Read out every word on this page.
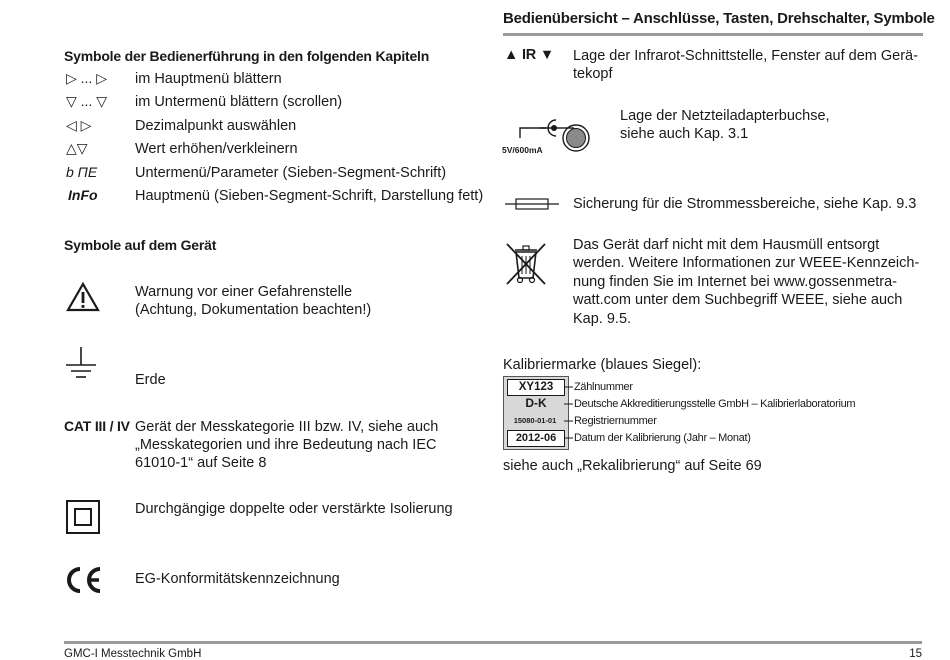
Bedienübersicht – Anschlüsse, Tasten, Drehschalter, Symbole
Symbole der Bedienerführung in den folgenden Kapiteln
▷ ... ▷ im Hauptmenü blättern
▽ ... ▽ im Untermenü blättern (scrollen)
◁ ▷	Dezimalpunkt auswählen
△▽	Wert erhöhen/verkleinern
b ΠE	Untermenü/Parameter (Sieben-Segment-Schrift)
InFo	Hauptmenü (Sieben-Segment-Schrift, Darstellung fett)
Symbole auf dem Gerät
Warnung vor einer Gefahrenstelle
(Achtung, Dokumentation beachten!)
Erde
CAT III / IV Gerät der Messkategorie III bzw. IV, siehe auch
„Messkategorien und ihre Bedeutung nach IEC
61010-1“ auf Seite 8
Durchgängige doppelte oder verstärkte Isolierung
EG-Konformitätskennzeichnung
▲ IR ▼ Lage der Infrarot-Schnittstelle, Fenster auf dem Gerä-
tekopf
5V/600mA
Lage der Netzteiladapterbuchse,
siehe auch Kap. 3.1
Sicherung für die Strommessbereiche, siehe Kap. 9.3
Das Gerät darf nicht mit dem Hausmüll entsorgt
werden. Weitere Informationen zur WEEE-Kennzeich-
nung finden Sie im Internet bei www.gossenmetra-
watt.com unter dem Suchbegriff WEEE, siehe auch
Kap. 9.5.
Kalibriermarke (blaues Siegel):
XY123
D-K
15080-01-01
2012-06
Zählnummer
Deutsche Akkreditierungsstelle GmbH – Kalibrierlaboratorium
Registriernummer
Datum der Kalibrierung (Jahr – Monat)
siehe auch „Rekalibrierung“ auf Seite 69
GMC-I Messtechnik GmbH	15
